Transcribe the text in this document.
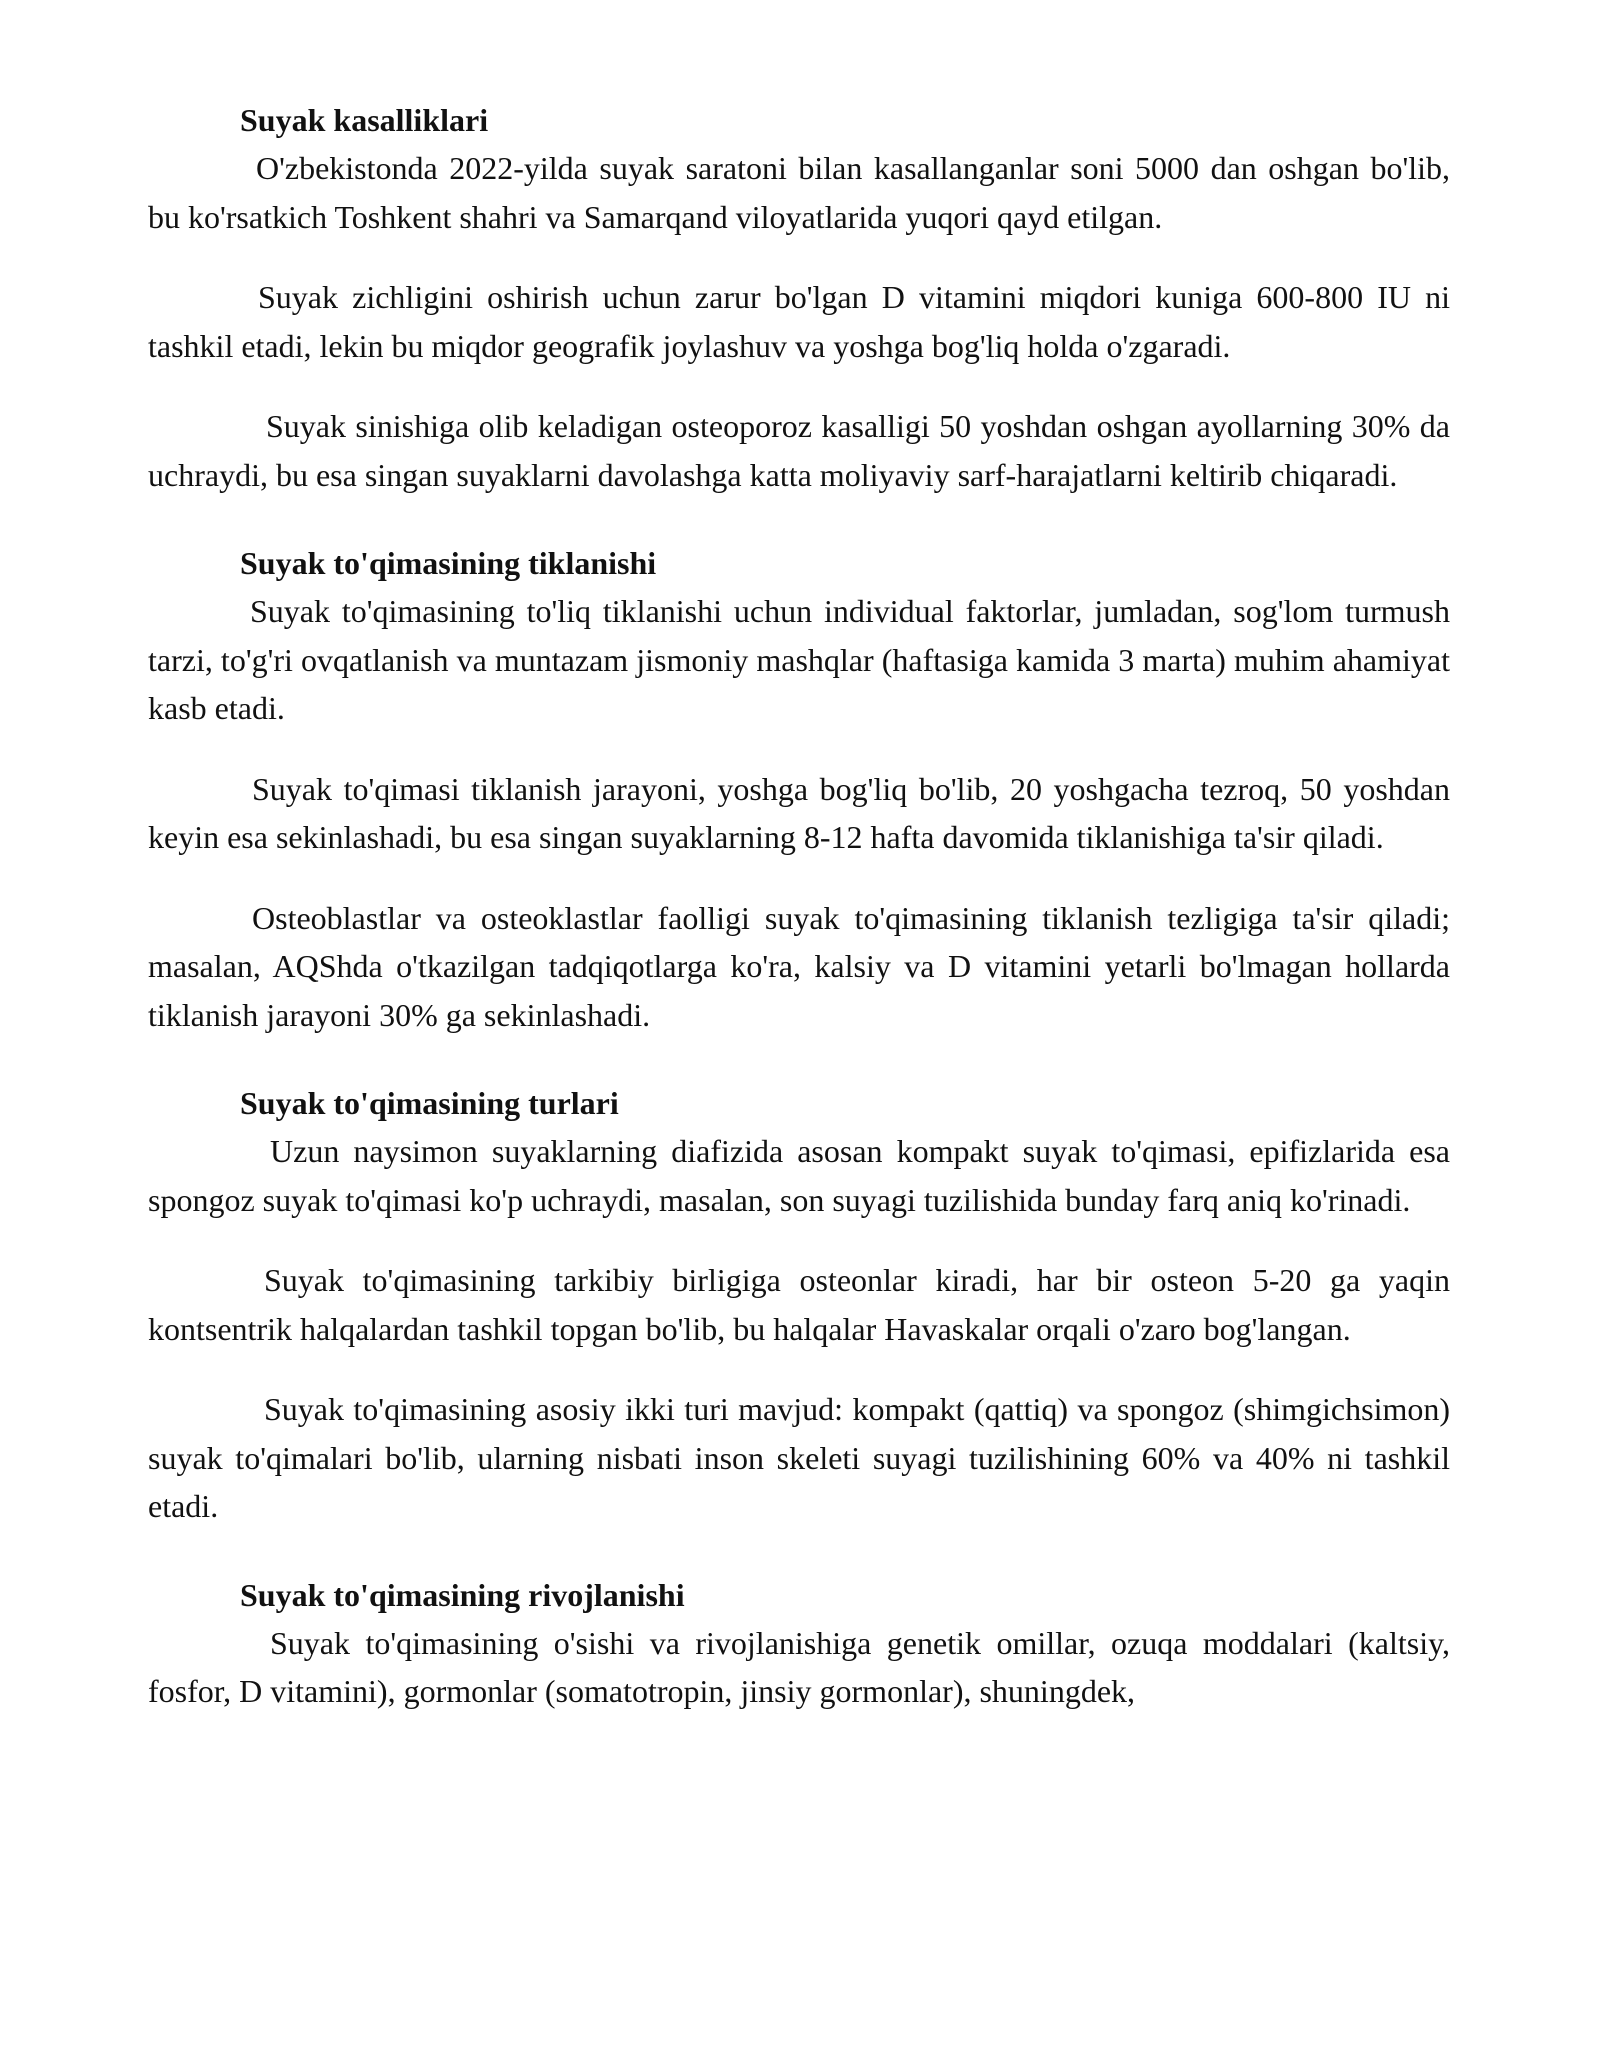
Suyak kasalliklari

O'zbekistonda 2022-yilda suyak saratoni bilan kasallanganlar soni 5000 dan oshgan bo'lib, bu ko'rsatkich Toshkent shahri va Samarqand viloyatlarida yuqori qayd etilgan.

Suyak zichligini oshirish uchun zarur bo'lgan D vitamini miqdori kuniga 600-800 IU ni tashkil etadi, lekin bu miqdor geografik joylashuv va yoshga bog'liq holda o'zgaradi.

Suyak sinishiga olib keladigan osteoporoz kasalligi 50 yoshdan oshgan ayollarning 30% da uchraydi, bu esa singan suyaklarni davolashga katta moliyaviy sarf-harajatlarni keltirib chiqaradi.

Suyak to'qimasining tiklanishi

Suyak to'qimasining to'liq tiklanishi uchun individual faktorlar, jumladan, sog'lom turmush tarzi, to'g'ri ovqatlanish va muntazam jismoniy mashqlar (haftasiga kamida 3 marta) muhim ahamiyat kasb etadi.

Suyak to'qimasi tiklanish jarayoni, yoshga bog'liq bo'lib, 20 yoshgacha tezroq, 50 yoshdan keyin esa sekinlashadi, bu esa singan suyaklarning 8-12 hafta davomida tiklanishiga ta'sir qiladi.

Osteoblastlar va osteoklastlar faolligi suyak to'qimasining tiklanish tezligiga ta'sir qiladi; masalan, AQShda o'tkazilgan tadqiqotlarga ko'ra, kalsiy va D vitamini yetarli bo'lmagan hollarda tiklanish jarayoni 30% ga sekinlashadi.

Suyak to'qimasining turlari

Uzun naysimon suyaklarning diafizida asosan kompakt suyak to'qimasi, epifizlarida esa spongoz suyak to'qimasi ko'p uchraydi, masalan, son suyagi tuzilishida bunday farq aniq ko'rinadi.

Suyak to'qimasining tarkibiy birligiga osteonlar kiradi, har bir osteon 5-20 ga yaqin kontsentrik halqalardan tashkil topgan bo'lib, bu halqalar Havaskalar orqali o'zaro bog'langan.

Suyak to'qimasining asosiy ikki turi mavjud: kompakt (qattiq) va spongoz (shimgichsimon) suyak to'qimalari bo'lib, ularning nisbati inson skeleti suyagi tuzilishining 60% va 40% ni tashkil etadi.

Suyak to'qimasining rivojlanishi

Suyak to'qimasining o'sishi va rivojlanishiga genetik omillar, ozuqa moddalari (kaltsiy, fosfor, D vitamini), gormonlar (somatotropin, jinsiy gormonlar), shuningdek,
